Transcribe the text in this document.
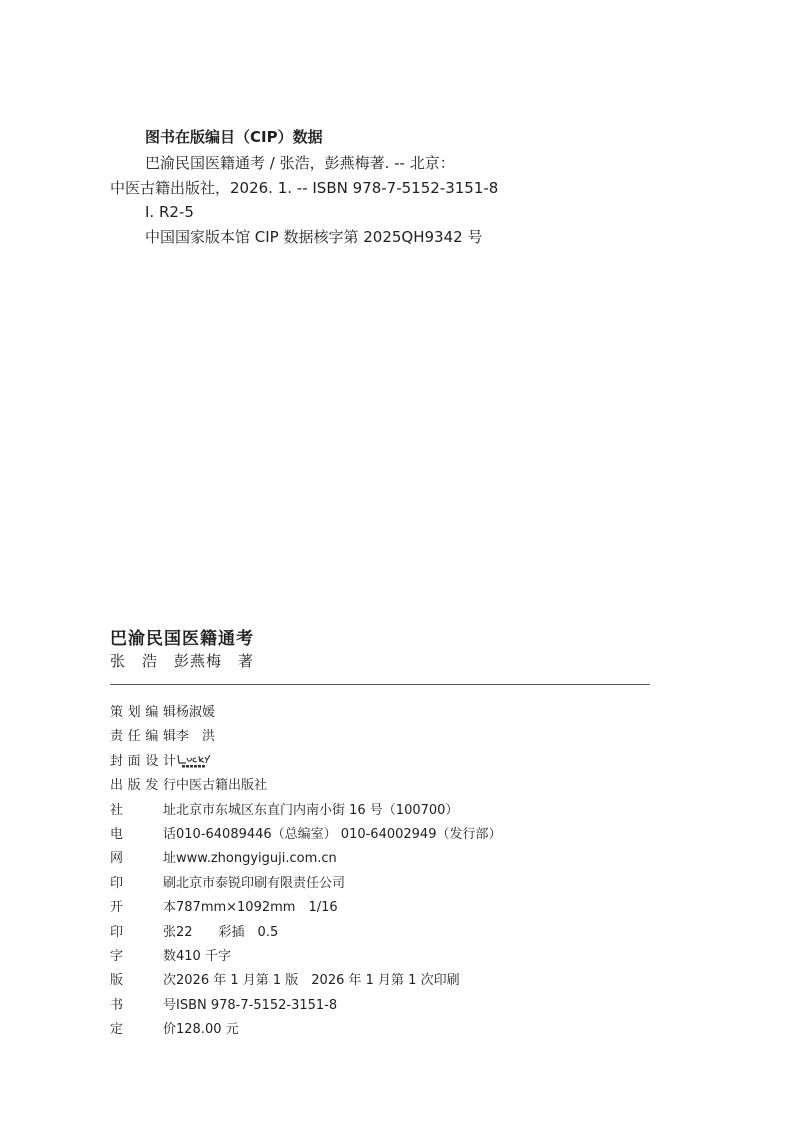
图书在版编目（CIP）数据
巴渝民国医籍通考 / 张浩，彭燕梅著. -- 北京：
中医古籍出版社，2026. 1. -- ISBN 978-7-5152-3151-8
Ⅰ. R2-5
中国国家版本馆 CIP 数据核字第 2025QH9342 号
巴渝民国医籍通考
张　浩　彭燕梅　著
策划编辑 杨淑媛
责任编辑 李　洪
封面设计
出版发行 中医古籍出版社
社　　址 北京市东城区东直门内南小街 16 号（100700）
电　　话 010-64089446（总编室） 010-64002949（发行部）
网　　址 www.zhongyiguji.com.cn
印　　刷 北京市泰锐印刷有限责任公司
开　　本 787mm×1092mm　1/16
印　　张 22　　彩插　0.5
字　　数 410 千字
版　　次 2026 年 1 月第 1 版　2026 年 1 月第 1 次印刷
书　　号 ISBN 978-7-5152-3151-8
定　　价 128.00 元
